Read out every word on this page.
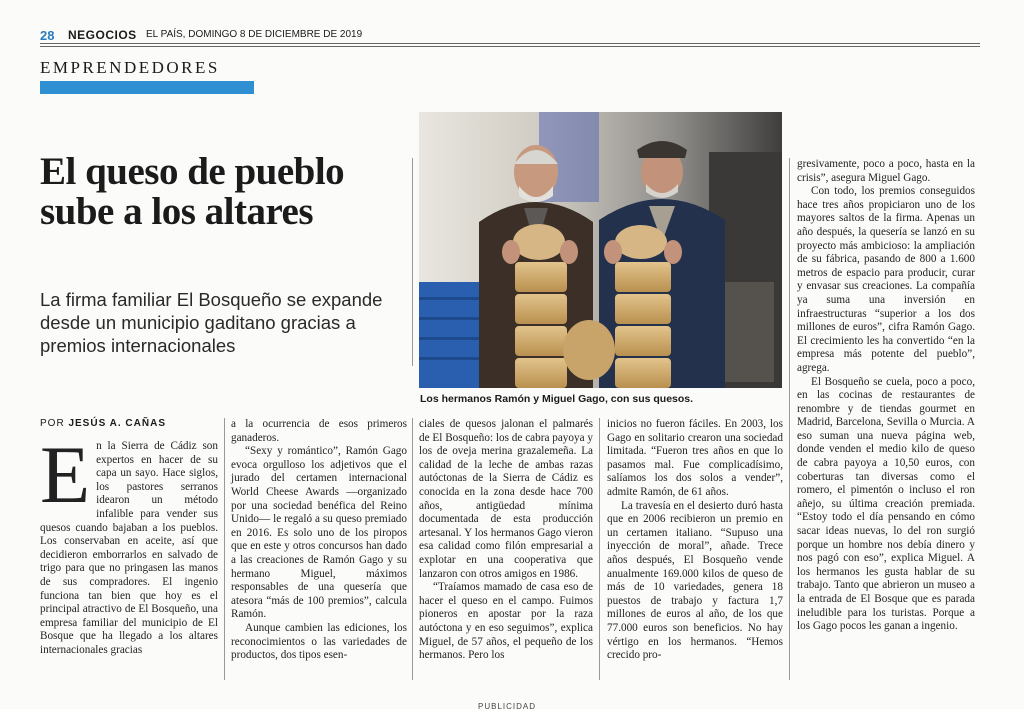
28 NEGOCIOS EL PAÍS, DOMINGO 8 DE DICIEMBRE DE 2019
EMPRENDEDORES
El queso de pueblo sube a los altares

La firma familiar El Bosqueño se expande desde un municipio gaditano gracias a premios internacionales

Los hermanos Ramón y Miguel Gago, con sus quesos.
POR JESÚS A. CAÑAS

En la Sierra de Cádiz son expertos en hacer de su capa un sayo. Hace siglos, los pastores serranos idearon un método infalible para vender sus quesos cuando bajaban a los pueblos. Los conservaban en aceite, así que decidieron emborrarlos en salvado de trigo para que no pringasen las manos de sus compradores. El ingenio funciona tan bien que hoy es el principal atractivo de El Bosqueño, una empresa familiar del municipio de El Bosque que ha llegado a los altares internacionales gracias

a la ocurrencia de esos primeros ganaderos.

“Sexy y romántico”, Ramón Gago evoca orgulloso los adjetivos que el jurado del certamen internacional World Cheese Awards —organizado por una sociedad benéfica del Reino Unido— le regaló a su queso premiado en 2016. Es solo uno de los piropos que en este y otros concursos han dado a las creaciones de Ramón Gago y su hermano Miguel, máximos responsables de una quesería que atesora “más de 100 premios”, calcula Ramón.

Aunque cambien las ediciones, los reconocimientos o las variedades de productos, dos tipos esen-

ciales de quesos jalonan el palmarés de El Bosqueño: los de cabra payoya y los de oveja merina grazalemeña. La calidad de la leche de ambas razas autóctonas de la Sierra de Cádiz es conocida en la zona desde hace 700 años, antigüedad mínima documentada de esta producción artesanal. Y los hermanos Gago vieron esa calidad como filón empresarial a explotar en una cooperativa que lanzaron con otros amigos en 1986.

“Traíamos mamado de casa eso de hacer el queso en el campo. Fuimos pioneros en apostar por la raza autóctona y en eso seguimos”, explica Miguel, de 57 años, el pequeño de los hermanos. Pero los

inicios no fueron fáciles. En 2003, los Gago en solitario crearon una sociedad limitada. “Fueron tres años en que lo pasamos mal. Fue complicadísimo, salíamos los dos solos a vender”, admite Ramón, de 61 años.

La travesía en el desierto duró hasta que en 2006 recibieron un premio en un certamen italiano. “Supuso una inyección de moral”, añade. Trece años después, El Bosqueño vende anualmente 169.000 kilos de queso de más de 10 variedades, genera 18 puestos de trabajo y factura 1,7 millones de euros al año, de los que 77.000 euros son beneficios. No hay vértigo en los hermanos. “Hemos crecido pro-

gresivamente, poco a poco, hasta en la crisis”, asegura Miguel Gago.

Con todo, los premios conseguidos hace tres años propiciaron uno de los mayores saltos de la firma. Apenas un año después, la quesería se lanzó en su proyecto más ambicioso: la ampliación de su fábrica, pasando de 800 a 1.600 metros de espacio para producir, curar y envasar sus creaciones. La compañía ya suma una inversión en infraestructuras “superior a los dos millones de euros”, cifra Ramón Gago. El crecimiento les ha convertido “en la empresa más potente del pueblo”, agrega.

El Bosqueño se cuela, poco a poco, en las cocinas de restaurantes de renombre y de tiendas gourmet en Madrid, Barcelona, Sevilla o Murcia. A eso suman una nueva página web, donde venden el medio kilo de queso de cabra payoya a 10,50 euros, con coberturas tan diversas como el romero, el pimentón o incluso el ron añejo, su última creación premiada. “Estoy todo el día pensando en cómo sacar ideas nuevas, lo del ron surgió porque un hombre nos debía dinero y nos pagó con eso”, explica Miguel. A los hermanos les gusta hablar de su trabajo. Tanto que abrieron un museo a la entrada de El Bosque que es parada ineludible para los turistas. Porque a los Gago pocos les ganan a ingenio.

PUBLICIDAD
